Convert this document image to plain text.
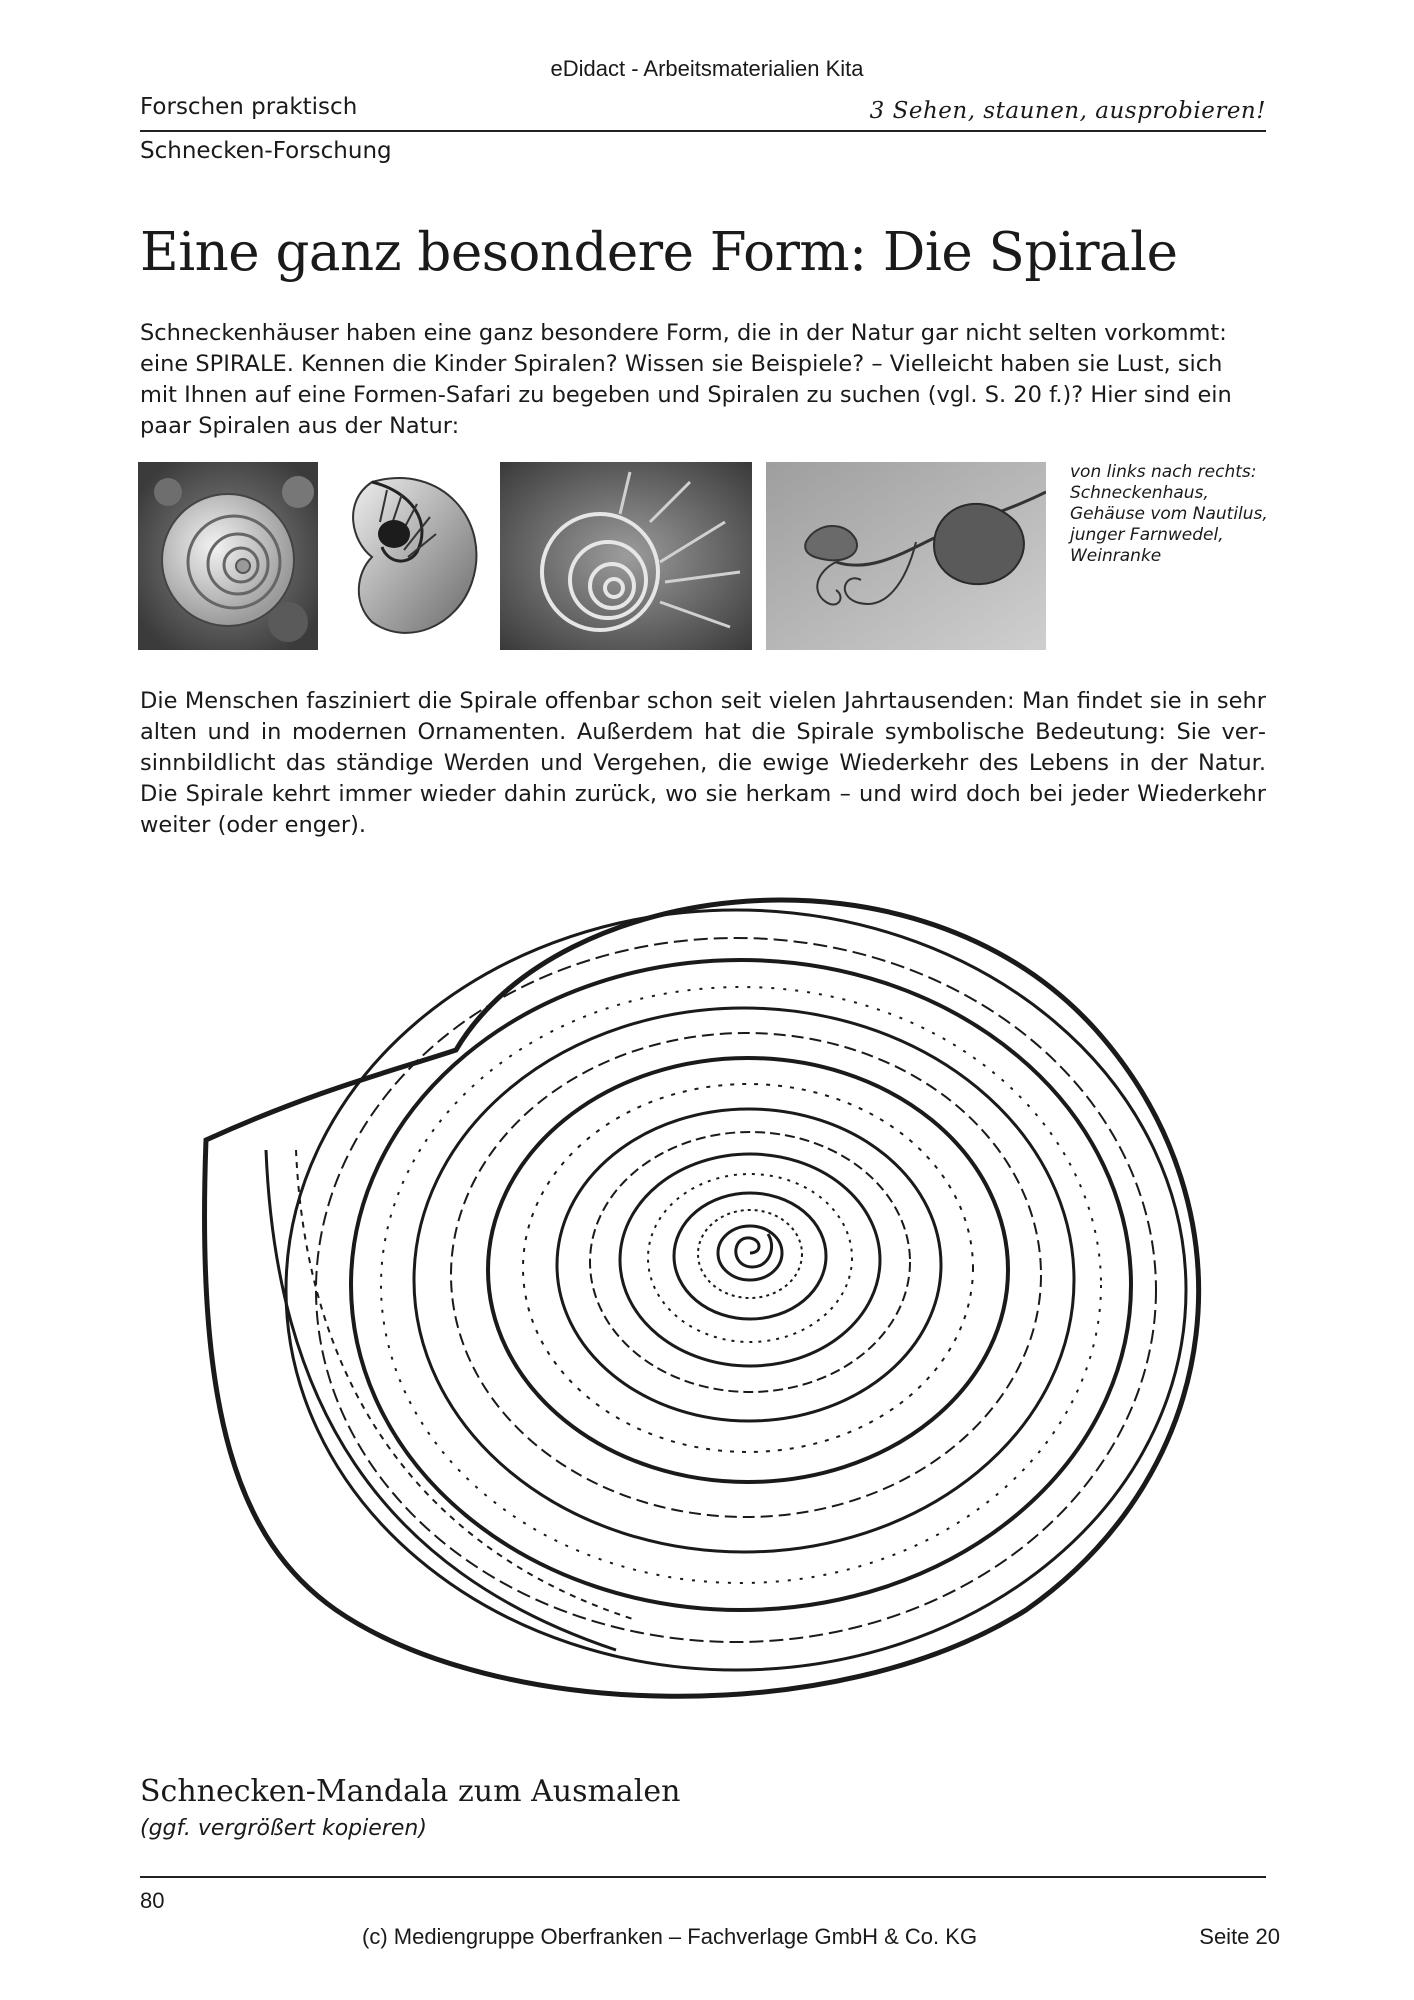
eDidact - Arbeitsmaterialien Kita
Forschen praktisch	3 Sehen, staunen, ausprobieren!
Schnecken-Forschung
Eine ganz besondere Form: Die Spirale
Schneckenhäuser haben eine ganz besondere Form, die in der Natur gar nicht selten vorkommt: eine SPIRALE. Kennen die Kinder Spiralen? Wissen sie Beispiele? – Vielleicht haben sie Lust, sich mit Ihnen auf eine Formen-Safari zu begeben und Spiralen zu suchen (vgl. S. 20 f.)? Hier sind ein paar Spiralen aus der Natur:
von links nach rechts:
Schneckenhaus,
Gehäuse vom Nautilus,
junger Farnwedel,
Weinranke
Die Menschen fasziniert die Spirale offenbar schon seit vielen Jahrtausenden: Man findet sie in sehr alten und in modernen Ornamenten. Außerdem hat die Spirale symbolische Bedeutung: Sie versinnbildlicht das ständige Werden und Vergehen, die ewige Wiederkehr des Lebens in der Natur. Die Spirale kehrt immer wieder dahin zurück, wo sie herkam – und wird doch bei jeder Wiederkehr weiter (oder enger).
Schnecken-Mandala zum Ausmalen
(ggf. vergrößert kopieren)
80
(c) Mediengruppe Oberfranken – Fachverlage GmbH & Co. KG	Seite 20
